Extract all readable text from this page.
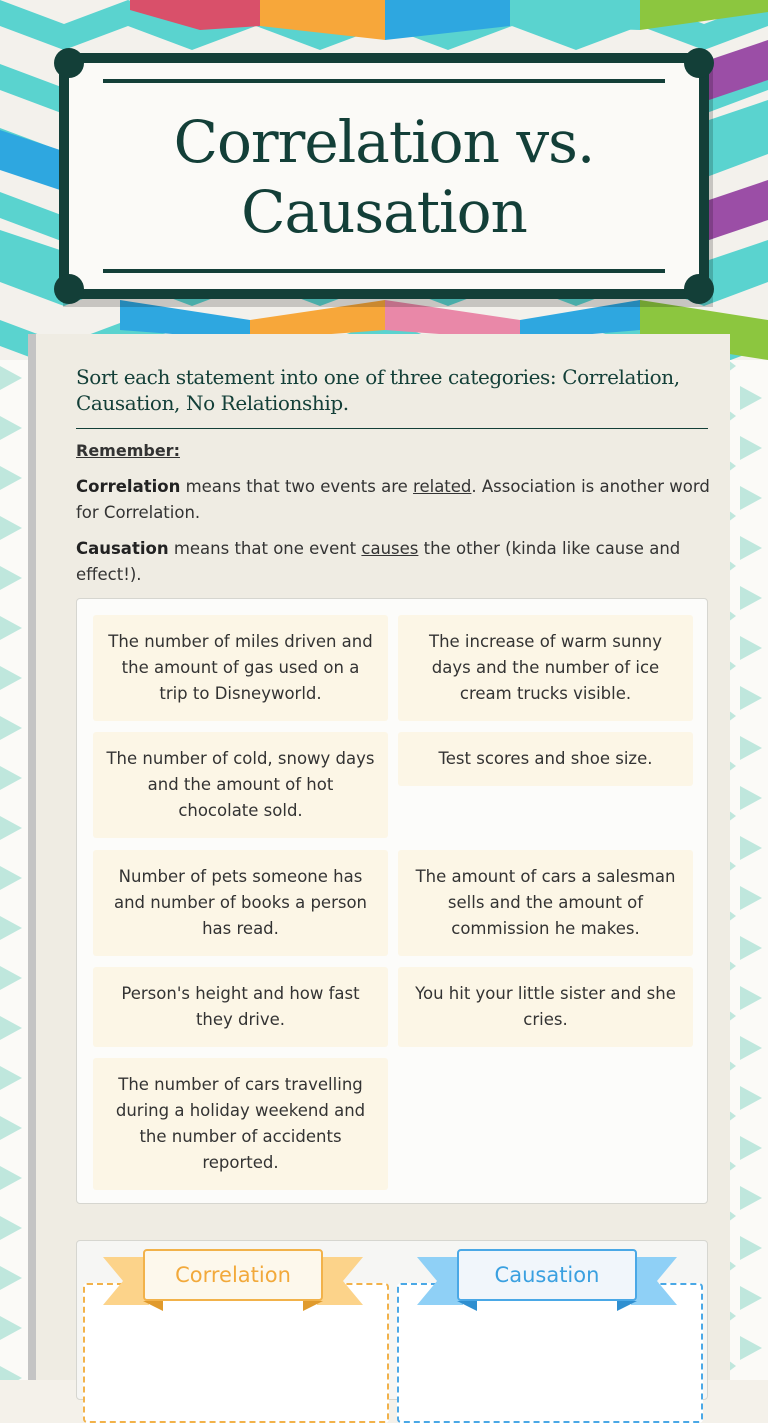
Correlation vs.
Causation
Sort each statement into one of three categories: Correlation, Causation, No Relationship.
Remember:
Correlation means that two events are related. Association is another word for Correlation.
Causation means that one event causes the other (kinda like cause and effect!).
The number of miles driven and the amount of gas used on a trip to Disneyworld.
The increase of warm sunny days and the number of ice cream trucks visible.
The number of cold, snowy days and the amount of hot chocolate sold.
Test scores and shoe size.
Number of pets someone has and number of books a person has read.
The amount of cars a salesman sells and the amount of commission he makes.
Person's height and how fast they drive.
You hit your little sister and she cries.
The number of cars travelling during a holiday weekend and the number of accidents reported.
Correlation	Causation
